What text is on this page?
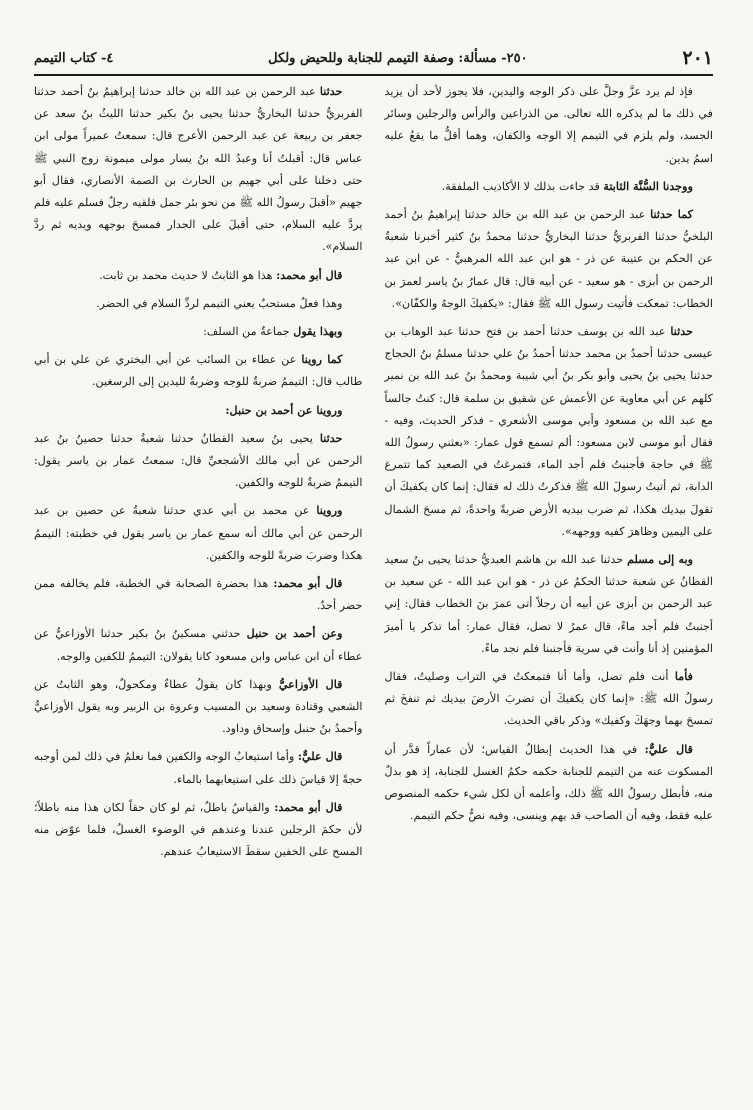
٢٠١
٢٥٠- مسألة: وصفة التيمم للجنابة وللحيض ولكل
٤- كتاب التيمم

فإذ لم يرد عزَّ وجلَّ على ذكر الوجه واليدين، فلا يجوز لأحد أن يزيد في ذلك ما لم يذكره الله تعالى. من الذراعين والرأس والرجلين وسائر الجسد، ولم يلزم في التيمم إلا الوجه والكفان، وهما أقلُّ ما يقعُ عليه اسمُ يدين.

ووجدنا السُّنَّة الثابتة قد جاءت بذلك لا الأكاذيب الملفقة.

كما حدثنا عبد الرحمن بن عبد الله بن خالد حدثنا إبراهيمُ بنُ أحمد البلخيُّ حدثنا الفربريُّ حدثنا البخاريُّ حدثنا محمدُ بنُ كثير أخبرنا شعبةُ عن الحكم بن عتيبة عن ذر - هو ابن عبد الله المرهبيُّ - عن ابن عبد الرحمن بن أبزى - هو سعيد - عن أبيه قال: قال عمارُ بنُ ياسر لعمرَ بن الخطاب: تمعكت فأتيت رسول الله ﷺ فقال: «يكفيكَ الوجهُ والكفّان».

حدثنا عبد الله بن يوسف حدثنا أحمد بن فتح حدثنا عبد الوهاب بن عيسى حدثنا أحمدُ بن محمد حدثنا أحمدُ بنُ علي حدثنا مسلمُ بنُ الحجاج حدثنا يحيى بنُ يحيى وأبو بكر بنُ أبي شيبة ومحمدُ بنُ عبد الله بن نمير كلهم عن أبي معاوية عن الأعمش عن شقيق بن سلمة قال: كنتُ جالساً مع عبد الله بن مسعود وأبي موسى الأشعري - فذكر الحديث، وفيه - فقال أبو موسى لابن مسعود: ألم تسمع قول عمار: «بعثني رسولُ الله ﷺ في حاجة فأجنبتُ فلم أجد الماء، فتمرغتُ في الصعيد كما تتمرغ الدابة، ثم أتيتُ رسولَ الله ﷺ فذكرتُ ذلك له فقال: إنما كان يكفيكَ أن تقولَ بيديك هكذا، ثم ضرب بيديه الأرض ضربةً واحدةً، ثم مسحَ الشمال على اليمين وظاهرَ كفيه ووجهه».

وبه إلى مسلم حدثنا عبد الله بن هاشم العبديُّ حدثنا يحيى بنُ سعيد القطانُ عن شعبة حدثنا الحكمُ عن ذر - هو ابن عبد الله - عن سعيد بن عبد الرحمن بن أبزى عن أبيه أن رجلاً أتى عمرَ بنَ الخطاب فقال: إني أجنبتُ فلم أجد ماءً، قال عمرُ لا تصل، فقال عمار: أما تذكر يا أميرَ المؤمنين إذ أنا وأنت في سرية فأجنبنا فلم نجد ماءً.

فأما أنت فلم تصل، وأما أنا فتمعكتُ في التراب وصليتُ، فقال رسولُ الله ﷺ: «إنما كان يكفيكَ أن تضربَ الأرضَ بيديك ثم تنفخَ ثم تمسحَ بهما وجهَكَ وكفيك» وذكر باقي الحديث.

قال عليٌّ: في هذا الحديث إبطالُ القياس؛ لأن عماراً قدَّر أن المسكوت عنه من التيمم للجنابة حكمه حكمُ الغسل للجنابة، إذ هو بدلٌ منه، فأبطل رسولُ الله ﷺ ذلك، وأعلمه أن لكل شيء حكمه المنصوص عليه فقط، وفيه أن الصاحب قد يهم وينسى، وفيه نصُّ حكم التيمم.

حدثنا عبد الرحمن بن عبد الله بن خالد حدثنا إبراهيمُ بنُ أحمد حدثنا الفربريُّ حدثنا البخاريُّ حدثنا يحيى بنُ بكير حدثنا الليثُ بنُ سعد عن جعفر بن ربيعة عن عبد الرحمن الأعرج قال: سمعتُ عميراً مولى ابن عباس قال: أقبلتُ أنا وعبدُ الله بنُ يسار مولى ميمونة زوج النبي ﷺ حتى دخلنا على أبي جهيم بن الحارث بن الصمة الأنصاري، فقال أبو جهيم «أقبلَ رسولُ الله ﷺ من نحو بئر جمل فلقيه رجلٌ فسلم عليه فلم يردَّ عليه السلام، حتى أقبلَ على الجدار فمسحَ بوجهه ويديه ثم ردَّ السلام».

قال أبو محمد: هذا هو الثابتُ لا حديث محمد بن ثابت.

وهذا فعلٌ مستحبٌ يعني التيمم لردِّ السلام في الحضر.

وبهذا يقول جماعةٌ من السلف:

كما روينا عن عطاء بن السائب عن أبي البختري عن علي بن أبي طالب قال: التيممُ ضربةٌ للوجه وضربةٌ لليدين إلى الرسغين.

وروينا عن أحمد بن حنبل:

حدثنا يحيى بنُ سعيد القطانُ حدثنا شعبةُ حدثنا حصينُ بنُ عبد الرحمن عن أبي مالك الأشجعيِّ قال: سمعتُ عمار بن ياسر يقول: التيممُ ضربةٌ للوجه والكفين.

وروينا عن محمد بن أبي عدي حدثنا شعبةُ عن حصين بن عبد الرحمن عن أبي مالك أنه سمع عمار بن ياسر يقول في خطبته: التيممُ هكذا وضربَ ضربةً للوجه والكفين.

قال أبو محمد: هذا بحضرة الصحابة في الخطبة، فلم يخالفه ممن حضر أحدٌ.

وعن أحمد بن حنبل حدثني مسكينُ بنُ بكير حدثنا الأوزاعيُّ عن عطاء أن ابن عباس وابن مسعود كانا يقولان: التيممُ للكفين والوجه.

قال الأوزاعيُّ وبهذا كان يقولُ عطاءٌ ومكحولٌ، وهو الثابتُ عن الشعبي وقتادة وسعيد بن المسيب وعروة بن الزبير وبه يقول الأوزاعيُّ وأحمدُ بنُ حنبل وإسحاق وداود.

قال عليٌّ: وأما استيعابُ الوجه والكفين فما نعلمُ في ذلك لمن أوجبه حجةً إلا قياسَ ذلك على استيعابهما بالماء.

قال أبو محمد: والقياسُ باطلٌ، ثم لو كان حقاً لكان هذا منه باطلاً؛ لأن حكمَ الرجلين عندنا وعندهم في الوضوء الغسلُ، فلما عوّض منه المسح على الخفين سقطَ الاستيعابُ عندهم.
